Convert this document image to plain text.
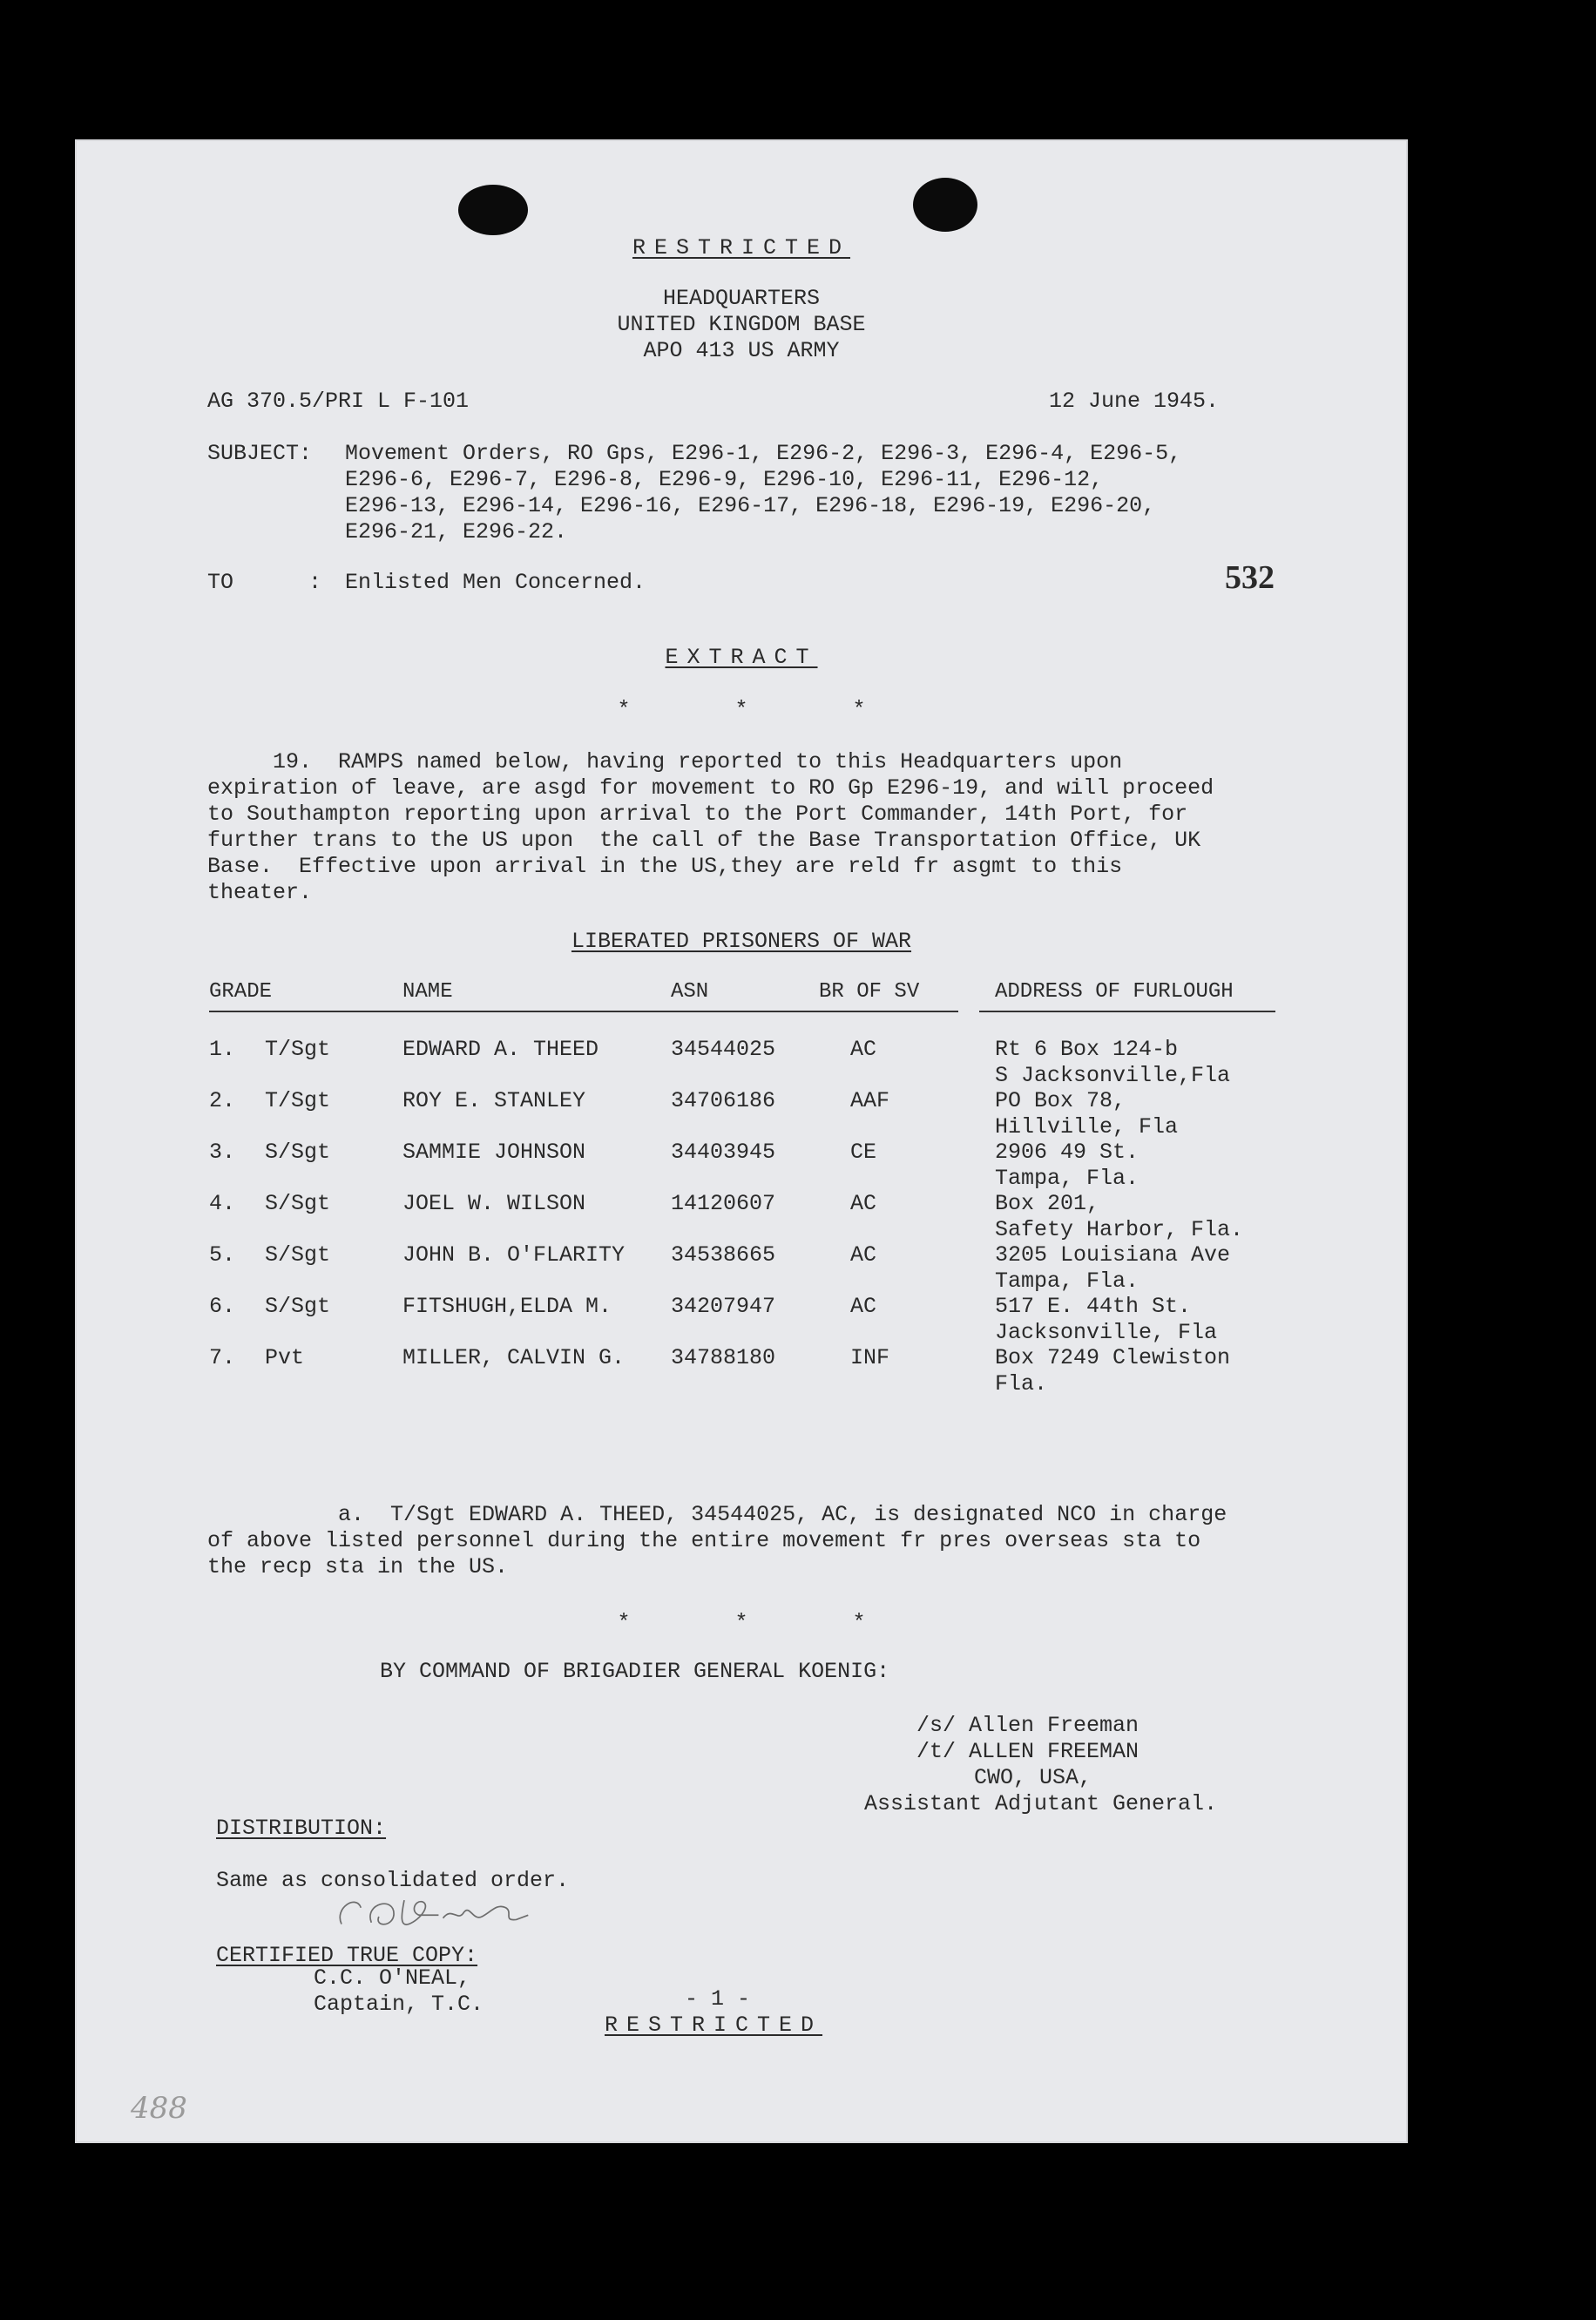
RESTRICTED
HEADQUARTERS
UNITED KINGDOM BASE
APO 413 US ARMY
AG 370.5/PRI L F-101	12 June 1945.
SUBJECT: Movement Orders, RO Gps, E296-1, E296-2, E296-3, E296-4, E296-5,
E296-6, E296-7, E296-8, E296-9, E296-10, E296-11, E296-12,
E296-13, E296-14, E296-16, E296-17, E296-18, E296-19, E296-20,
E296-21, E296-22.
TO	: Enlisted Men Concerned.	532
EXTRACT
*        *        *
19.  RAMPS named below, having reported to this Headquarters upon
expiration of leave, are asgd for movement to RO Gp E296-19, and will proceed
to Southampton reporting upon arrival to the Port Commander, 14th Port, for
further trans to the US upon  the call of the Base Transportation Office, UK
Base.  Effective upon arrival in the US,they are reld fr asgmt to this
theater.
LIBERATED PRISONERS OF WAR
GRADE	NAME	ASN	BR OF SV	ADDRESS OF FURLOUGH
1. T/Sgt	EDWARD A. THEED	34544025	AC	Rt 6 Box 124-b
S Jacksonville,Fla
2. T/Sgt	ROY E. STANLEY	34706186	AAF	PO Box 78,
Hillville, Fla
3. S/Sgt	SAMMIE JOHNSON	34403945	CE	2906 49 St.
Tampa, Fla.
4. S/Sgt	JOEL W. WILSON	14120607	AC	Box 201,
Safety Harbor, Fla.
5. S/Sgt	JOHN B. O'FLARITY 34538665	AC	3205 Louisiana Ave
Tampa, Fla.
6. S/Sgt	FITSHUGH,ELDA M.	34207947	AC	517 E. 44th St.
Jacksonville, Fla
7. Pvt	MILLER, CALVIN G. 34788180	INF	Box 7249 Clewiston
Fla.
a.  T/Sgt EDWARD A. THEED, 34544025, AC, is designated NCO in charge
of above listed personnel during the entire movement fr pres overseas sta to
the recp sta in the US.
*        *        *
BY COMMAND OF BRIGADIER GENERAL KOENIG:
/s/ Allen Freeman
/t/ ALLEN FREEMAN
CWO, USA,
Assistant Adjutant General.
DISTRIBUTION:
Same as consolidated order.
CERTIFIED TRUE COPY:
C.C. O'NEAL,
Captain, T.C.	- 1 -
RESTRICTED
488
